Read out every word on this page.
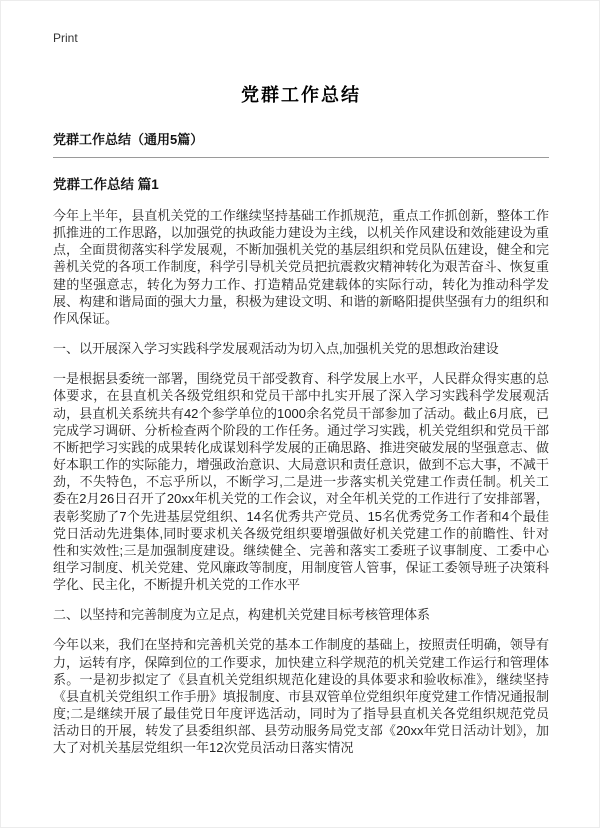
Print
党群工作总结
党群工作总结（通用5篇）
党群工作总结 篇1

今年上半年，县直机关党的工作继续坚持基础工作抓规范，重点工作抓创新，整体工作抓推进的工作思路，以加强党的执政能力建设为主线，以机关作风建设和效能建设为重点，全面贯彻落实科学发展观，不断加强机关党的基层组织和党员队伍建设，健全和完善机关党的各项工作制度，科学引导机关党员把抗震救灾精神转化为艰苦奋斗、恢复重建的坚强意志，转化为努力工作、打造精品党建载体的实际行动，转化为推动科学发展、构建和谐局面的强大力量，积极为建设文明、和谐的新略阳提供坚强有力的组织和作风保证。

一、以开展深入学习实践科学发展观活动为切入点,加强机关党的思想政治建设

一是根据县委统一部署，围绕党员干部受教育、科学发展上水平，人民群众得实惠的总体要求，在县直机关各级党组织和党员干部中扎实开展了深入学习实践科学发展观活动，县直机关系统共有42个参学单位的1000余名党员干部参加了活动。截止6月底，已完成学习调研、分析检查两个阶段的工作任务。通过学习实践，机关党组织和党员干部不断把学习实践的成果转化成谋划科学发展的正确思路、推进突破发展的坚强意志、做好本职工作的实际能力，增强政治意识、大局意识和责任意识，做到不忘大事，不减干劲，不失特色，不忘乎所以，不断学习,二是进一步落实机关党建工作责任制。机关工委在2月26日召开了20xx年机关党的工作会议，对全年机关党的工作进行了安排部署，表彰奖励了7个先进基层党组织、14名优秀共产党员、15名优秀党务工作者和4个最佳党日活动先进集体,同时要求机关各级党组织要增强做好机关党建工作的前瞻性、针对性和实效性;三是加强制度建设。继续健全、完善和落实工委班子议事制度、工委中心组学习制度、机关党建、党风廉政等制度，用制度管人管事，保证工委领导班子决策科学化、民主化，不断提升机关党的工作水平

二、以坚持和完善制度为立足点，构建机关党建目标考核管理体系

今年以来，我们在坚持和完善机关党的基本工作制度的基础上，按照责任明确，领导有力，运转有序，保障到位的工作要求，加快建立科学规范的机关党建工作运行和管理体系。一是初步拟定了《县直机关党组织规范化建设的具体要求和验收标准》，继续坚持《县直机关党组织工作手册》填报制度、市县双管单位党组织年度党建工作情况通报制度;二是继续开展了最佳党日年度评选活动，同时为了指导县直机关各党组织规范党员活动日的开展，转发了县委组织部、县劳动服务局党支部《20xx年党日活动计划》，加大了对机关基层党组织一年12次党员活动日落实情况
